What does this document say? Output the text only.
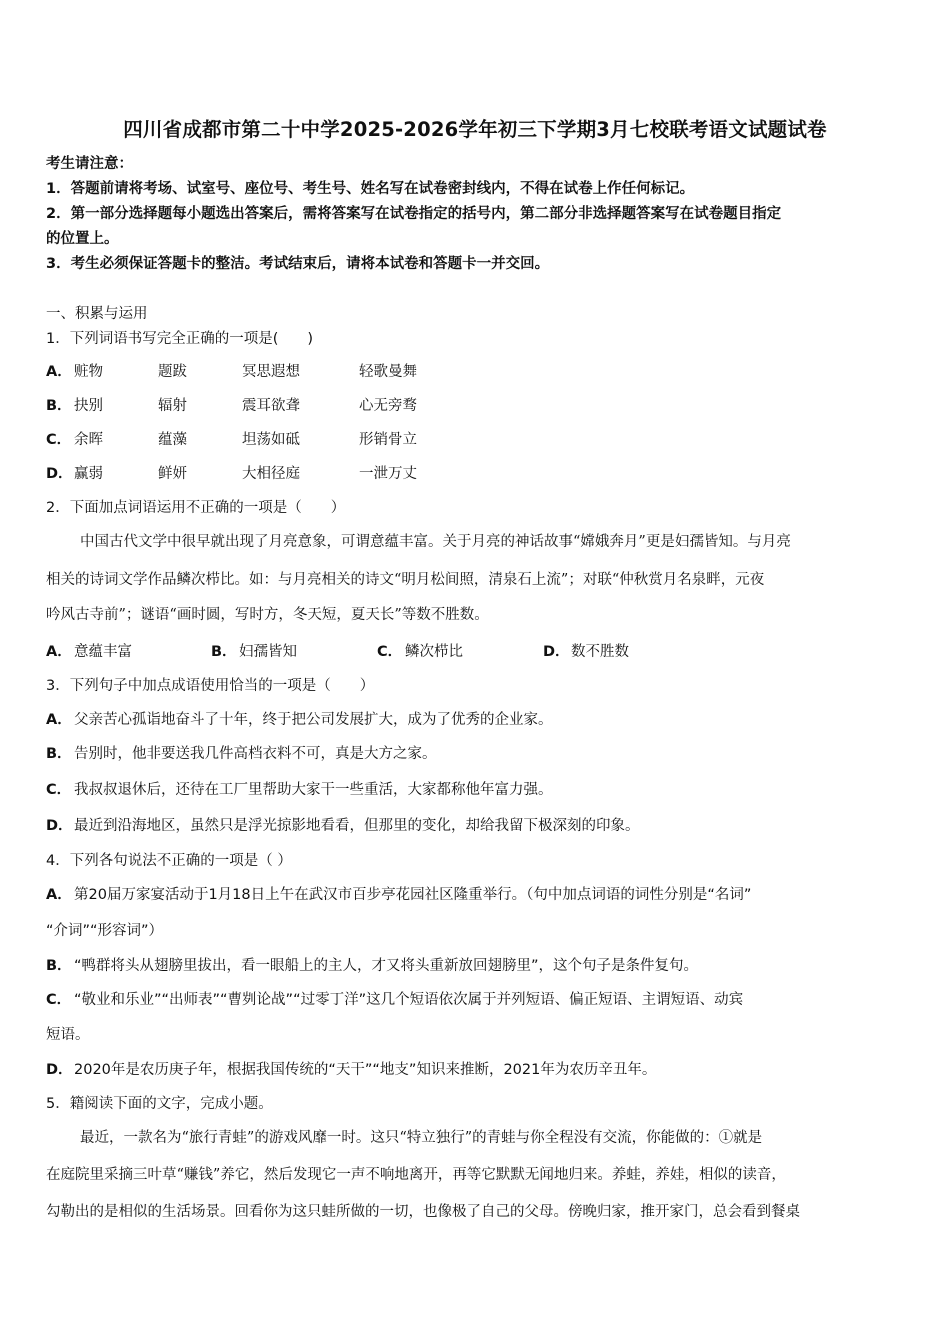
四川省成都市第二十中学2025-2026学年初三下学期3月七校联考语文试题试卷
考生请注意：
1．答题前请将考场、试室号、座位号、考生号、姓名写在试卷密封线内，不得在试卷上作任何标记。
2．第一部分选择题每小题选出答案后，需将答案写在试卷指定的括号内，第二部分非选择题答案写在试卷题目指定
的位置上。
3．考生必须保证答题卡的整洁。考试结束后，请将本试卷和答题卡一并交回。
一、积累与运用
1．下列词语书写完全正确的一项是(　　)
A． 赃物	题跋	冥思遐想	轻歌曼舞
B． 抉别	辐射	震耳欲聋	心无旁骛
C． 余晖	蕴藻	坦荡如砥	形销骨立
D． 赢弱	鲜妍	大相径庭	一泄万丈
2．下面加点词语运用不正确的一项是（　　）
中国古代文学中很早就出现了月亮意象，可谓意蕴丰富。关于月亮的神话故事“嫦娥奔月”更是妇孺皆知。与月亮
相关的诗词文学作品鳞次栉比。如：与月亮相关的诗文“明月松间照，清泉石上流”；对联“仲秋赏月名泉畔，元夜
吟风古寺前”；谜语“画时圆，写时方，冬天短，夏天长”等数不胜数。
A． 意蕴丰富	B． 妇孺皆知	C． 鳞次栉比	D． 数不胜数
3．下列句子中加点成语使用恰当的一项是（　　）
A． 父亲苦心孤诣地奋斗了十年，终于把公司发展扩大，成为了优秀的企业家。
B． 告别时，他非要送我几件高档衣料不可，真是大方之家。
C． 我叔叔退休后，还待在工厂里帮助大家干一些重活，大家都称他年富力强。
D． 最近到沿海地区，虽然只是浮光掠影地看看，但那里的变化，却给我留下极深刻的印象。
4．下列各句说法不正确的一项是（ ）
A． 第20届万家宴活动于1月18日上午在武汉市百步亭花园社区隆重举行。（句中加点词语的词性分别是“名词”
“介词”“形容词”）
B． “鸭群将头从翅膀里拔出，看一眼船上的主人，才又将头重新放回翅膀里”，这个句子是条件复句。
C． “敬业和乐业”“出师表”“曹刿论战”“过零丁洋”这几个短语依次属于并列短语、偏正短语、主谓短语、动宾
短语。
D． 2020年是农历庚子年，根据我国传统的“天干”“地支”知识来推断，2021年为农历辛丑年。
5．籍阅读下面的文字，完成小题。
最近，一款名为“旅行青蛙”的游戏风靡一时。这只“特立独行”的青蛙与你全程没有交流，你能做的：①就是
在庭院里采摘三叶草“赚钱”养它，然后发现它一声不响地离开，再等它默默无闻地归来。养蛙，养娃，相似的读音，
勾勒出的是相似的生活场景。回看你为这只蛙所做的一切，也像极了自己的父母。傍晚归家，推开家门，总会看到餐桌
